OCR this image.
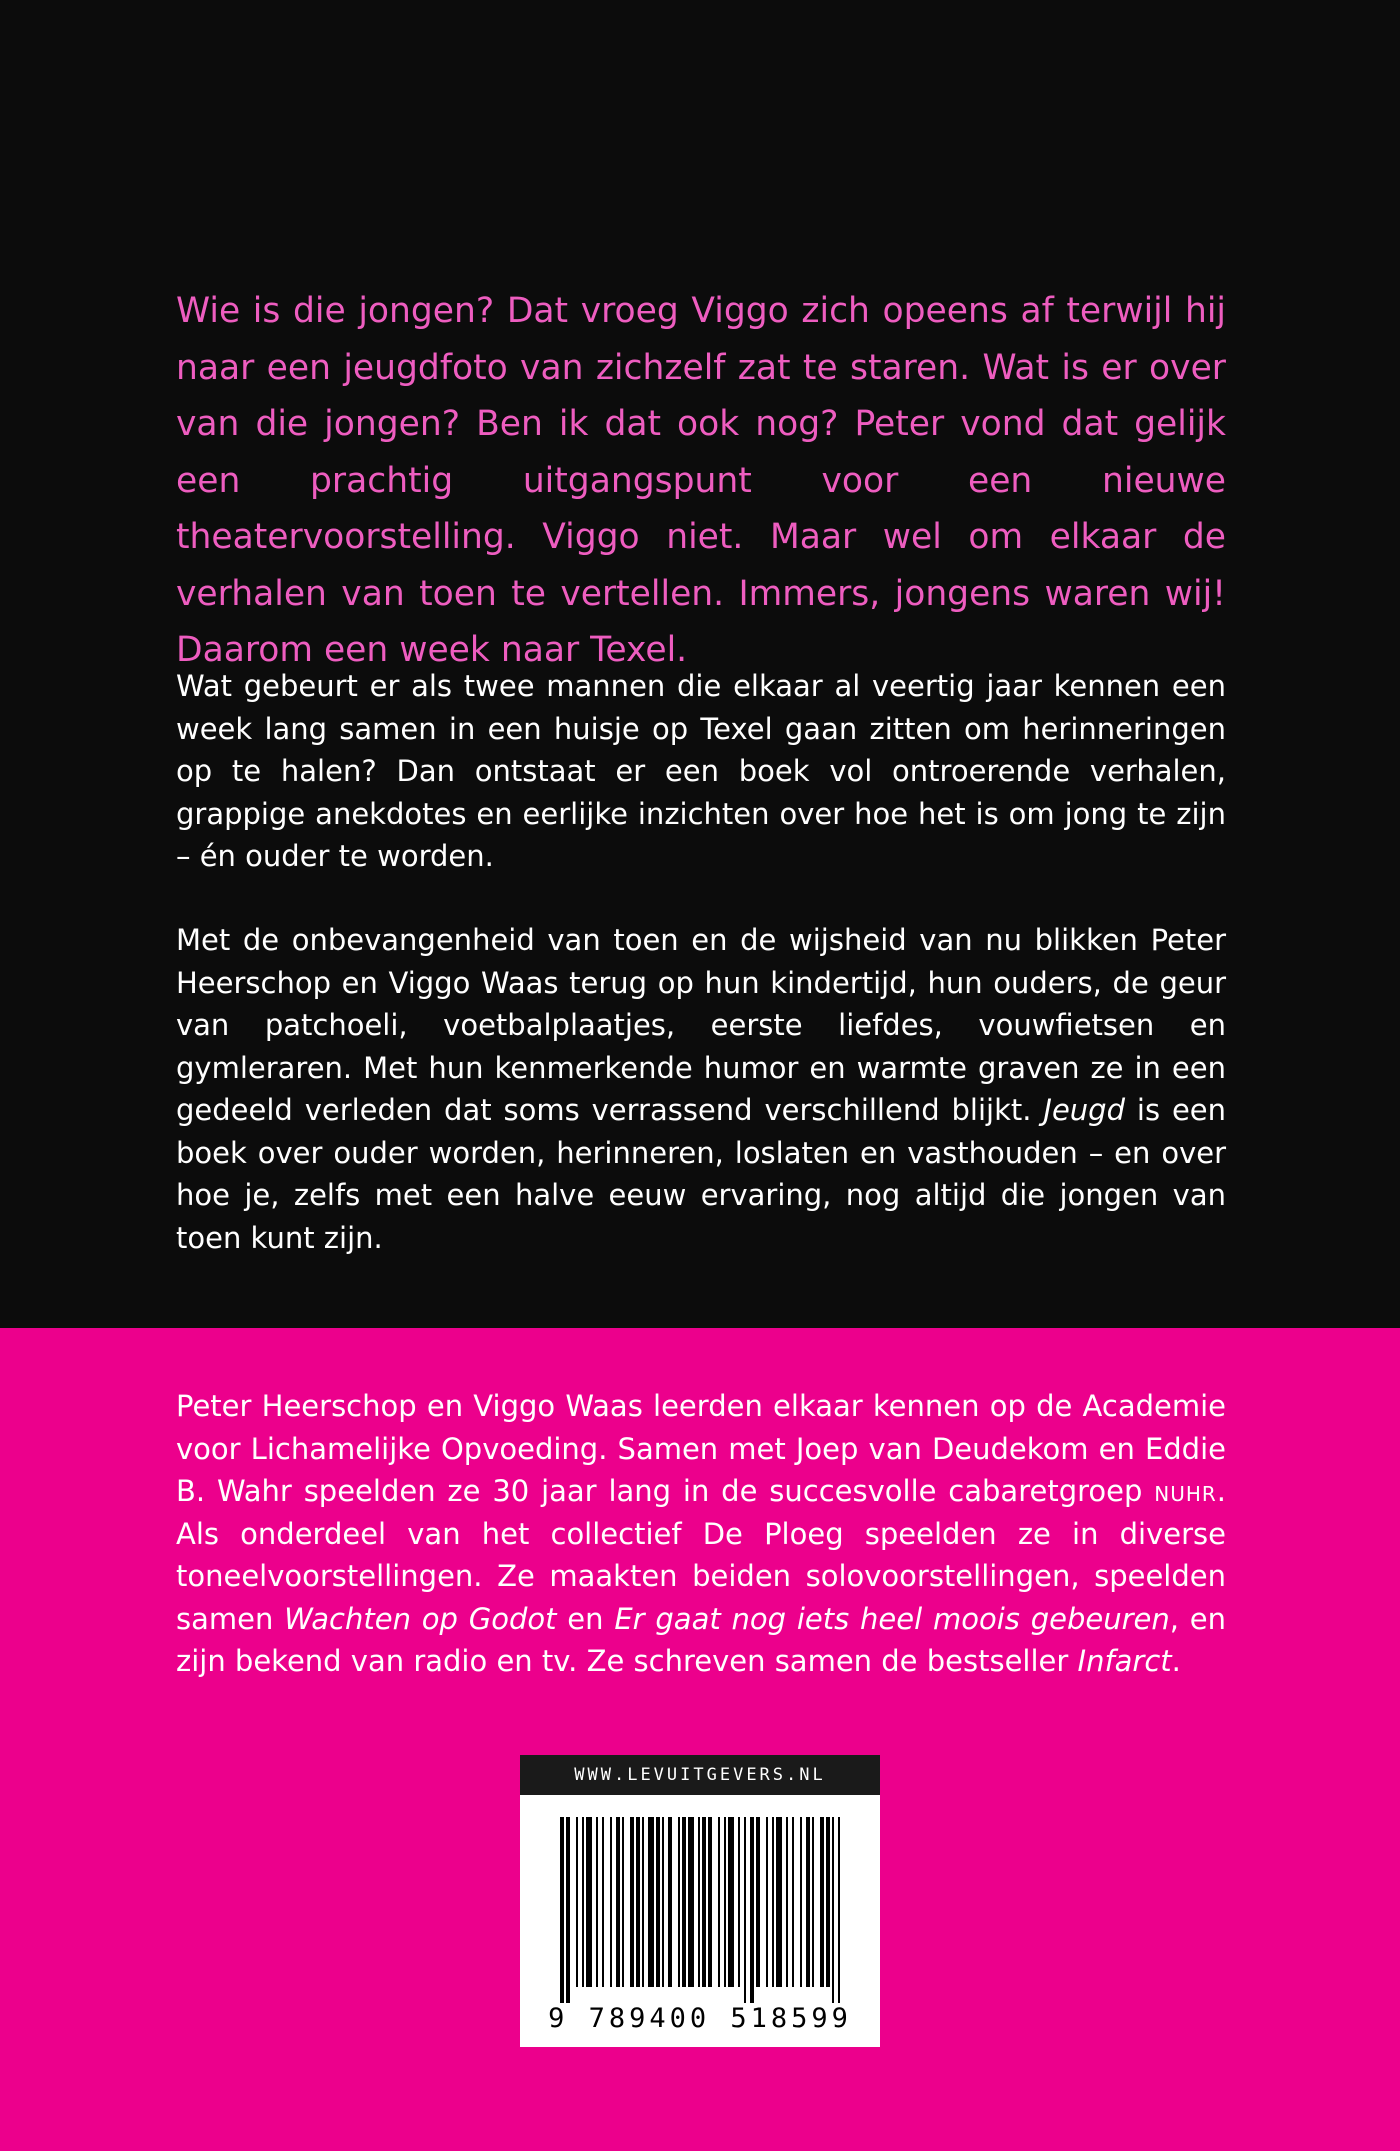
Wie is die jongen? Dat vroeg Viggo zich opeens af terwijl hij naar een jeugdfoto van zichzelf zat te staren. Wat is er over van die jongen? Ben ik dat ook nog? Peter vond dat gelijk een prachtig uitgangspunt voor een nieuwe theatervoorstelling. Viggo niet. Maar wel om elkaar de verhalen van toen te vertellen. Immers, jongens waren wij! Daarom een week naar Texel.
Wat gebeurt er als twee mannen die elkaar al veertig jaar kennen een week lang samen in een huisje op Texel gaan zitten om herinneringen op te halen? Dan ontstaat er een boek vol ontroerende verhalen, grappige anekdotes en eerlijke inzichten over hoe het is om jong te zijn – én ouder te worden.
Met de onbevangenheid van toen en de wijsheid van nu blikken Peter Heerschop en Viggo Waas terug op hun kindertijd, hun ouders, de geur van patchoeli, voetbalplaatjes, eerste liefdes, vouwfietsen en gymleraren. Met hun kenmerkende humor en warmte graven ze in een gedeeld verleden dat soms verrassend verschillend blijkt. Jeugd is een boek over ouder worden, herinneren, loslaten en vasthouden – en over hoe je, zelfs met een halve eeuw ervaring, nog altijd die jongen van toen kunt zijn.
Peter Heerschop en Viggo Waas leerden elkaar kennen op de Academie voor Lichamelijke Opvoeding. Samen met Joep van Deudekom en Eddie B. Wahr speelden ze 30 jaar lang in de succesvolle cabaretgroep nuhr. Als onderdeel van het collectief De Ploeg speelden ze in diverse toneelvoorstellingen. Ze maakten beiden solovoorstellingen, speelden samen Wachten op Godot en Er gaat nog iets heel moois gebeuren, en zijn bekend van radio en tv. Ze schreven samen de bestseller Infarct.
WWW.LEVUITGEVERS.NL
9 789400 518599
